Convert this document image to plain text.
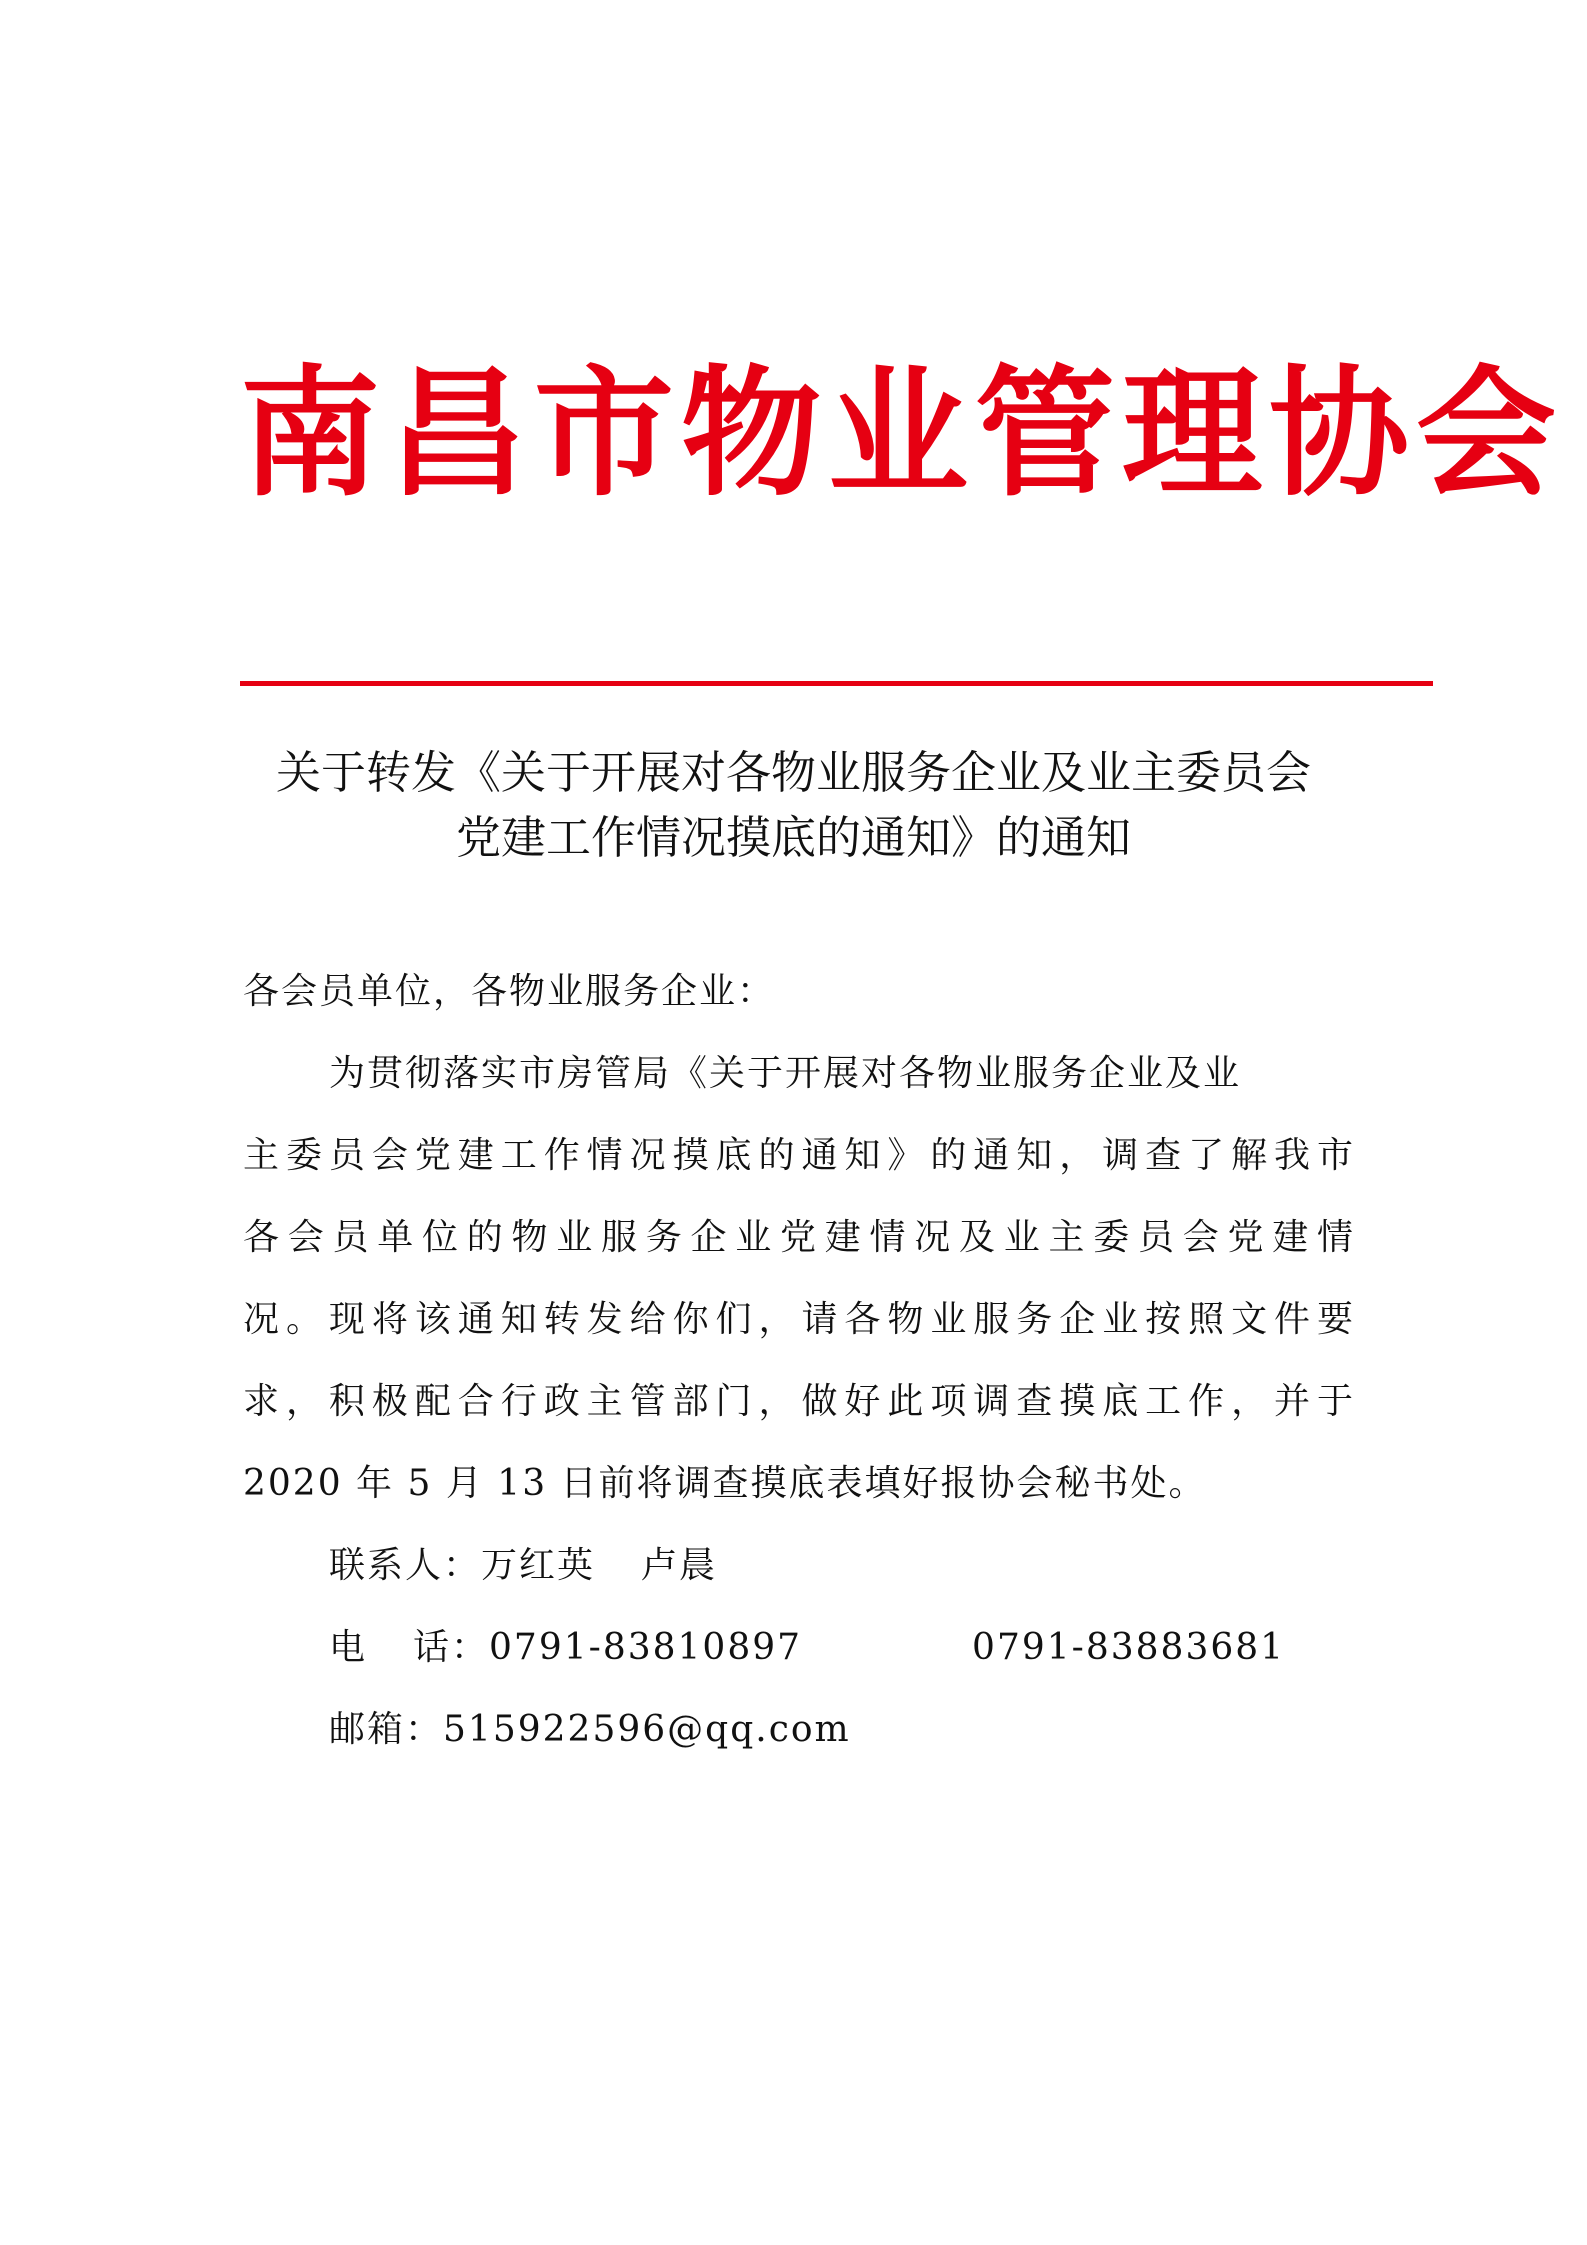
南昌市物业管理协会
关于转发《关于开展对各物业服务企业及业主委员会
党建工作情况摸底的通知》的通知
各会员单位，各物业服务企业：
为贯彻落实市房管局《关于开展对各物业服务企业及业
主委员会党建工作情况摸底的通知》的通知，调查了解我市
各会员单位的物业服务企业党建情况及业主委员会党建情
况。现将该通知转发给你们，请各物业服务企业按照文件要
求，积极配合行政主管部门，做好此项调查摸底工作，并于
2020 年 5 月 13 日前将调查摸底表填好报协会秘书处。
联系人：万红英 卢晨
电 话：0791-83810897	0791-83883681
邮箱：515922596@qq.com
